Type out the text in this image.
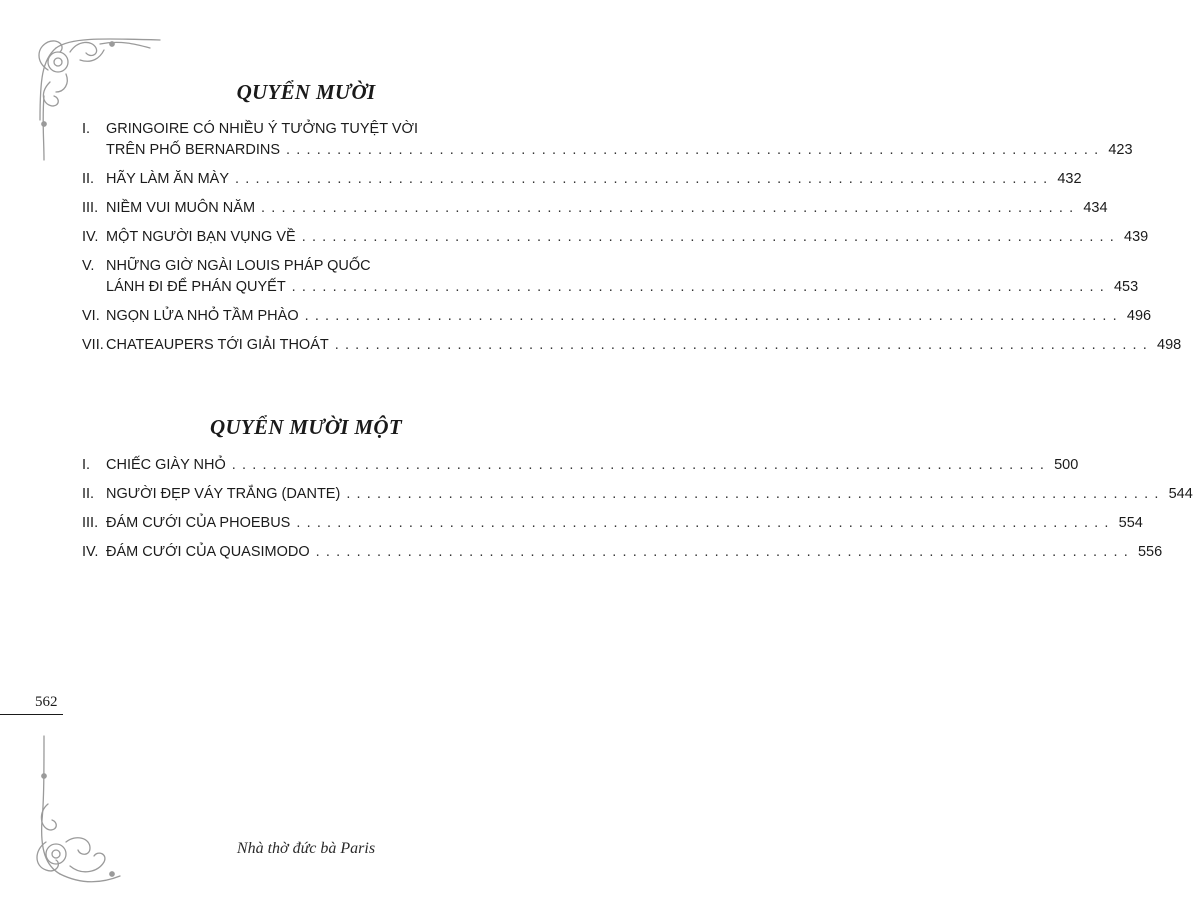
QUYỂN MƯỜI
I. GRINGOIRE CÓ NHIỀU Ý TƯỞNG TUYỆT VỜI
TRÊN PHỐ BERNARDINS ................................................................................ 423
II. HÃY LÀM ĂN MÀY ................................................................................ 432
III. NIỀM VUI MUÔN NĂM ................................................................................ 434
IV. MỘT NGƯỜI BẠN VỤNG VỀ ................................................................................ 439
V. NHỮNG GIỜ NGÀI LOUIS PHÁP QUỐC
LÁNH ĐI ĐỂ PHÁN QUYẾT ................................................................................ 453
VI. NGỌN LỬA NHỎ TẦM PHÀO ................................................................................ 496
VII. CHATEAUPERS TỚI GIẢI THOÁT ................................................................................ 498
QUYỂN MƯỜI MỘT
I. CHIẾC GIÀY NHỎ ................................................................................ 500
II. NGƯỜI ĐẸP VÁY TRẮNG (DANTE) ................................................................................ 544
III. ĐÁM CƯỚI CỦA PHOEBUS ................................................................................ 554
IV. ĐÁM CƯỚI CỦA QUASIMODO ................................................................................ 556
562
Nhà thờ đức bà Paris
